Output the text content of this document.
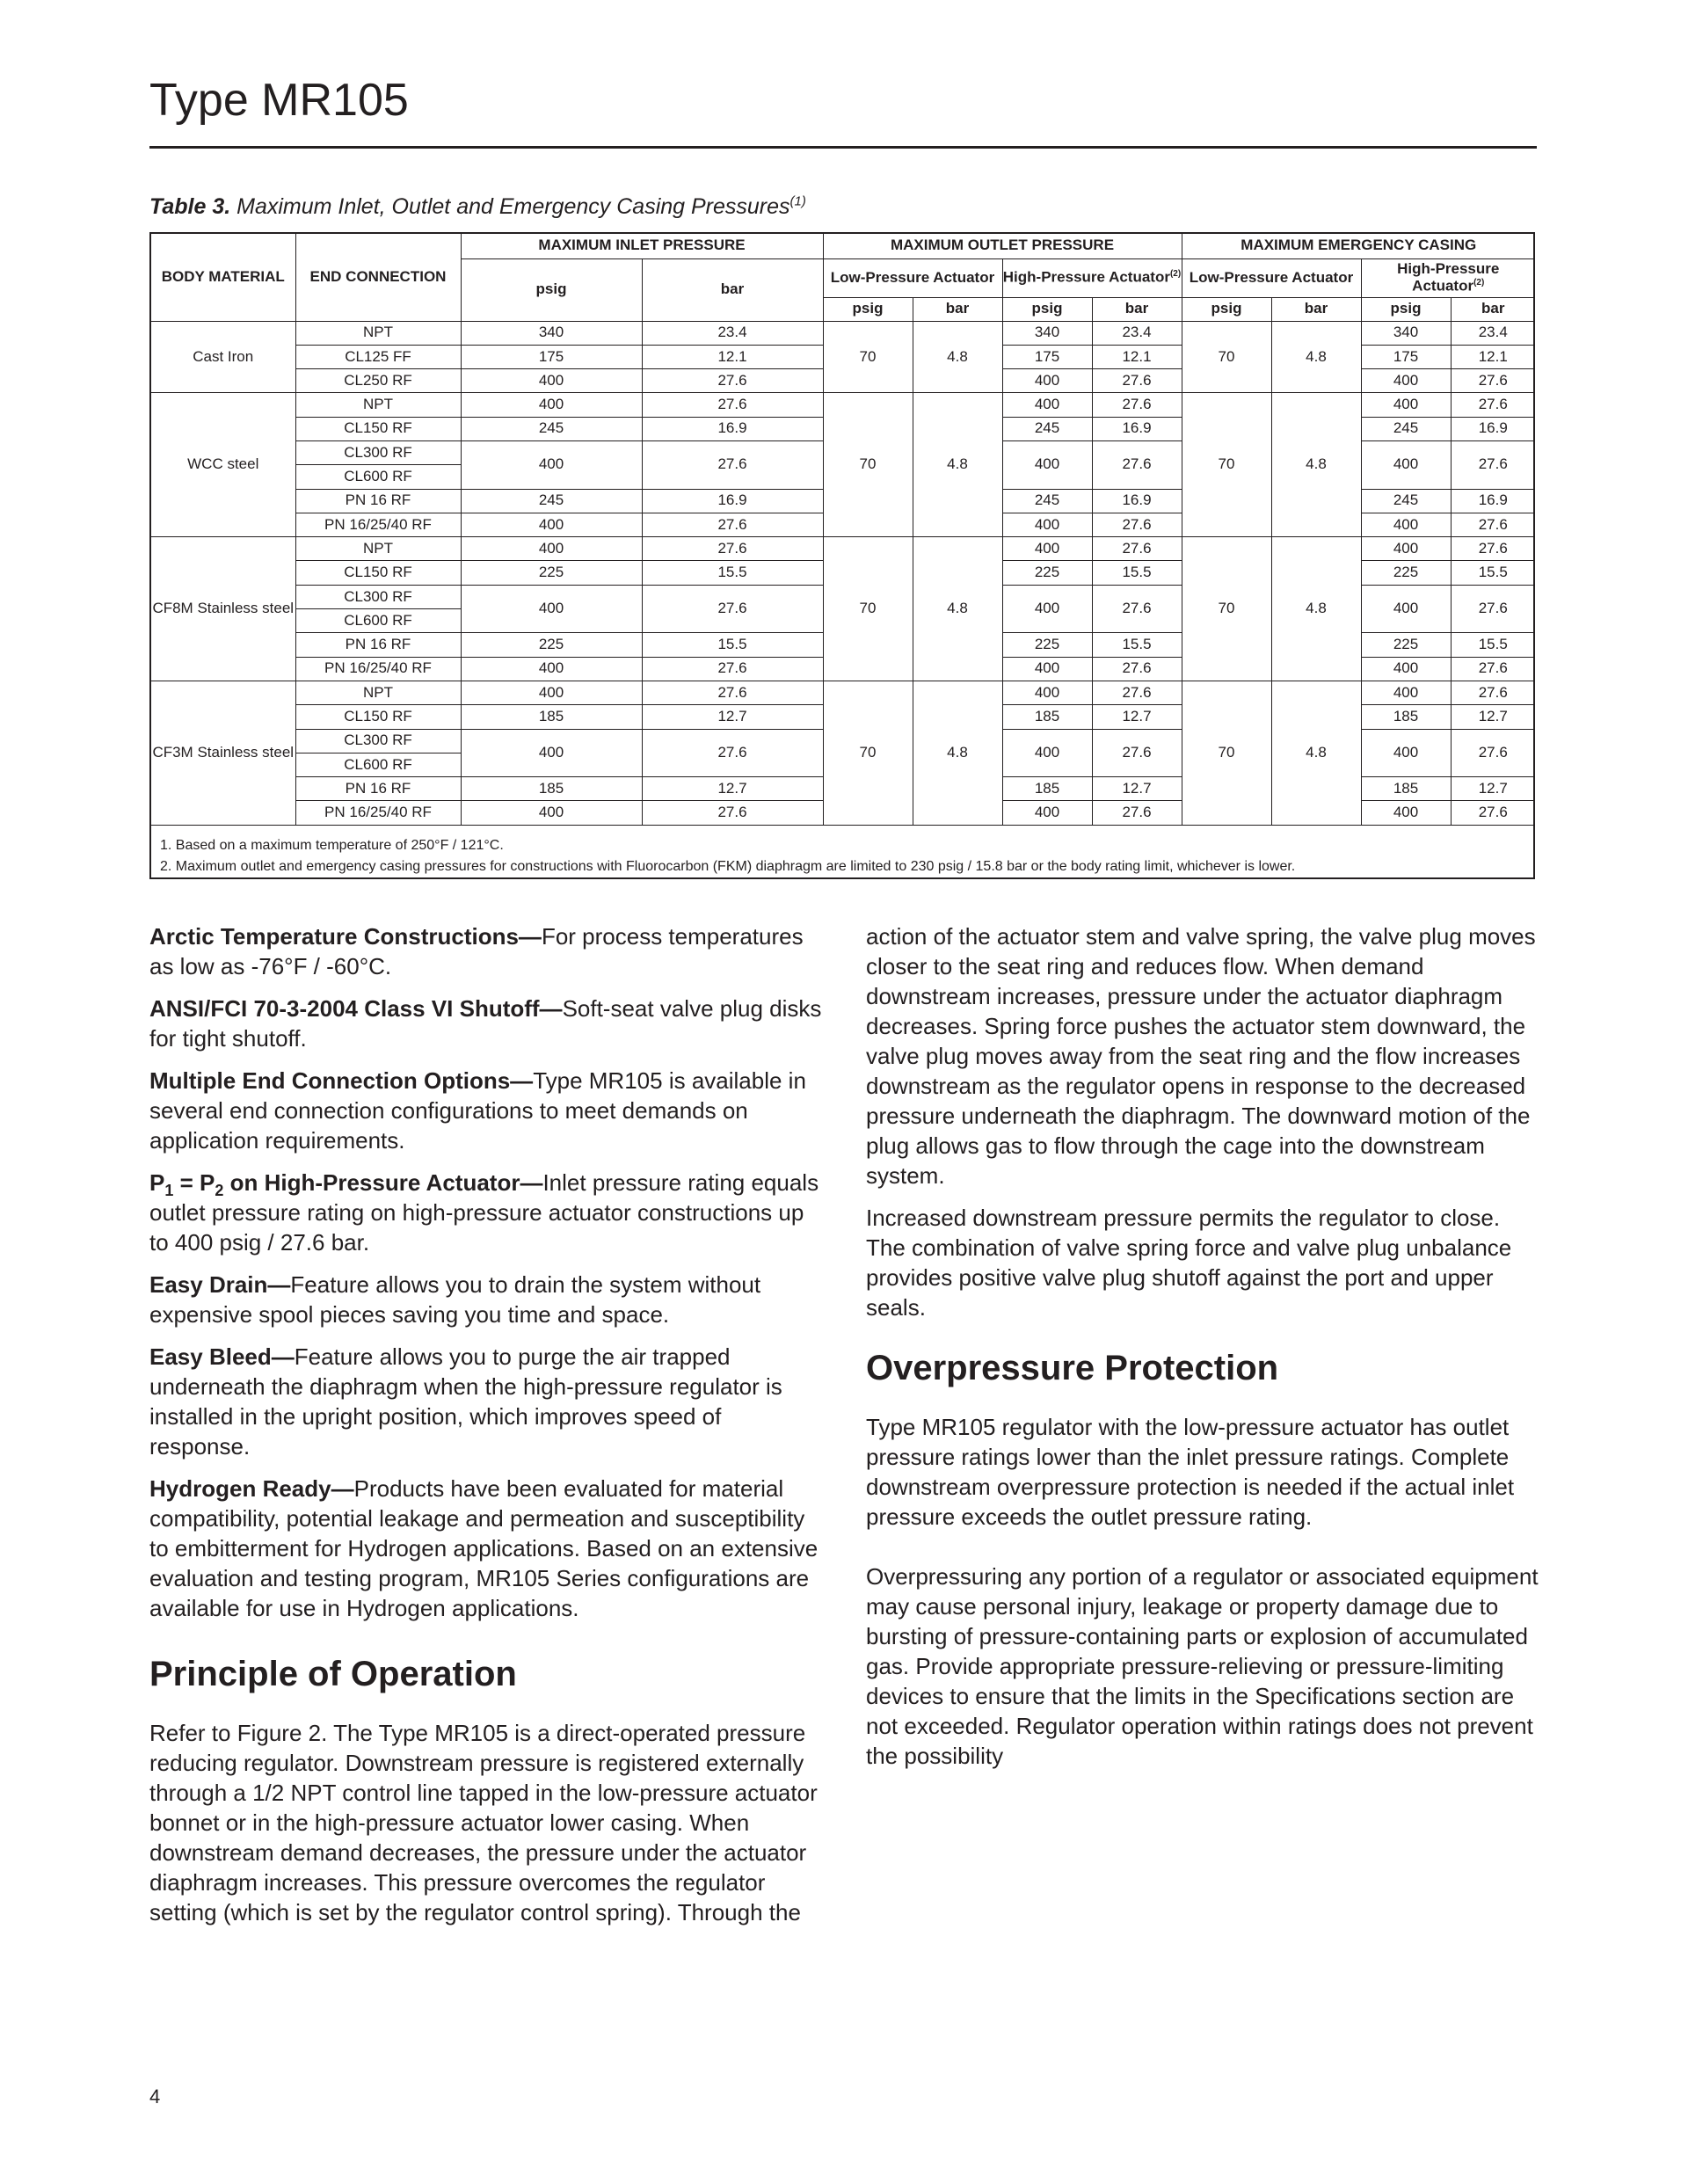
Type MR105
Table 3. Maximum Inlet, Outlet and Emergency Casing Pressures$^{(1)}$
BODY MATERIAL	END CONNECTION	MAXIMUM INLET PRESSURE		MAXIMUM OUTLET PRESSURE				MAXIMUM EMERGENCY CASING			
		psig	bar	Low-Pressure Actuator		High-Pressure Actuator$^{(2)}$		Low-Pressure Actuator		High-Pressure Actuator$^{(2)}$
				psig	bar	psig	bar	psig	bar	psig	bar
Cast Iron	NPT	340	23.4	70	4.8	340	23.4	70	4.8	340	23.4
	CL125 FF	175	12.1			175	12.1			175	12.1
	CL250 RF	400	27.6			400	27.6			400	27.6
WCC steel	NPT	400	27.6	70	4.8	400	27.6	70	4.8	400	27.6
	CL150 RF	245	16.9			245	16.9			245	16.9
	CL300 RF	400	27.6			400	27.6			400	27.6
	CL600 RF										
	PN 16 RF	245	16.9			245	16.9			245	16.9
	PN 16/25/40 RF	400	27.6			400	27.6			400	27.6
CF8M Stainless steel	NPT	400	27.6	70	4.8	400	27.6	70	4.8	400	27.6
	CL150 RF	225	15.5			225	15.5			225	15.5
	CL300 RF	400	27.6			400	27.6			400	27.6
	CL600 RF										
	PN 16 RF	225	15.5			225	15.5			225	15.5
	PN 16/25/40 RF	400	27.6			400	27.6			400	27.6
CF3M Stainless steel	NPT	400	27.6	70	4.8	400	27.6	70	4.8	400	27.6
	CL150 RF	185	12.7			185	12.7			185	12.7
	CL300 RF	400	27.6			400	27.6			400	27.6
	CL600 RF										
	PN 16 RF	185	12.7			185	12.7			185	12.7
	PN 16/25/40 RF	400	27.6			400	27.6			400	27.6
1. Based on a maximum temperature of 250°F / 121°C.
2. Maximum outlet and emergency casing pressures for constructions with Fluorocarbon (FKM) diaphragm are limited to 230 psig / 15.8 bar or the body rating limit, whichever is lower.

Arctic Temperature Constructions—For process temperatures as low as -76°F / -60°C.

ANSI/FCI 70-3-2004 Class VI Shutoff—Soft-seat valve plug disks for tight shutoff.

Multiple End Connection Options—Type MR105 is available in several end connection configurations to meet demands on application requirements.

$P_1 = P_2$ on High-Pressure Actuator—Inlet pressure rating equals outlet pressure rating on high-pressure actuator constructions up to 400 psig / 27.6 bar.

Easy Drain—Feature allows you to drain the system without expensive spool pieces saving you time and space.

Easy Bleed—Feature allows you to purge the air trapped underneath the diaphragm when the high-pressure regulator is installed in the upright position, which improves speed of response.

Hydrogen Ready—Products have been evaluated for material compatibility, potential leakage and permeation and susceptibility to embitterment for Hydrogen applications. Based on an extensive evaluation and testing program, MR105 Series configurations are available for use in Hydrogen applications.

Principle of Operation

Refer to Figure 2. The Type MR105 is a direct-operated pressure reducing regulator. Downstream pressure is registered externally through a 1/2 NPT control line tapped in the low-pressure actuator bonnet or in the high-pressure actuator lower casing. When downstream demand decreases, the pressure under the actuator diaphragm increases. This pressure overcomes the regulator setting (which is set by the regulator control spring). Through the

action of the actuator stem and valve spring, the valve plug moves closer to the seat ring and reduces flow. When demand downstream increases, pressure under the actuator diaphragm decreases. Spring force pushes the actuator stem downward, the valve plug moves away from the seat ring and the flow increases downstream as the regulator opens in response to the decreased pressure underneath the diaphragm. The downward motion of the plug allows gas to flow through the cage into the downstream system.

Increased downstream pressure permits the regulator to close. The combination of valve spring force and valve plug unbalance provides positive valve plug shutoff against the port and upper seals.

Overpressure Protection

Type MR105 regulator with the low-pressure actuator has outlet pressure ratings lower than the inlet pressure ratings. Complete downstream overpressure protection is needed if the actual inlet pressure exceeds the outlet pressure rating.

Overpressuring any portion of a regulator or associated equipment may cause personal injury, leakage or property damage due to bursting of pressure-containing parts or explosion of accumulated gas. Provide appropriate pressure-relieving or pressure-limiting devices to ensure that the limits in the Specifications section are not exceeded. Regulator operation within ratings does not prevent the possibility

4
